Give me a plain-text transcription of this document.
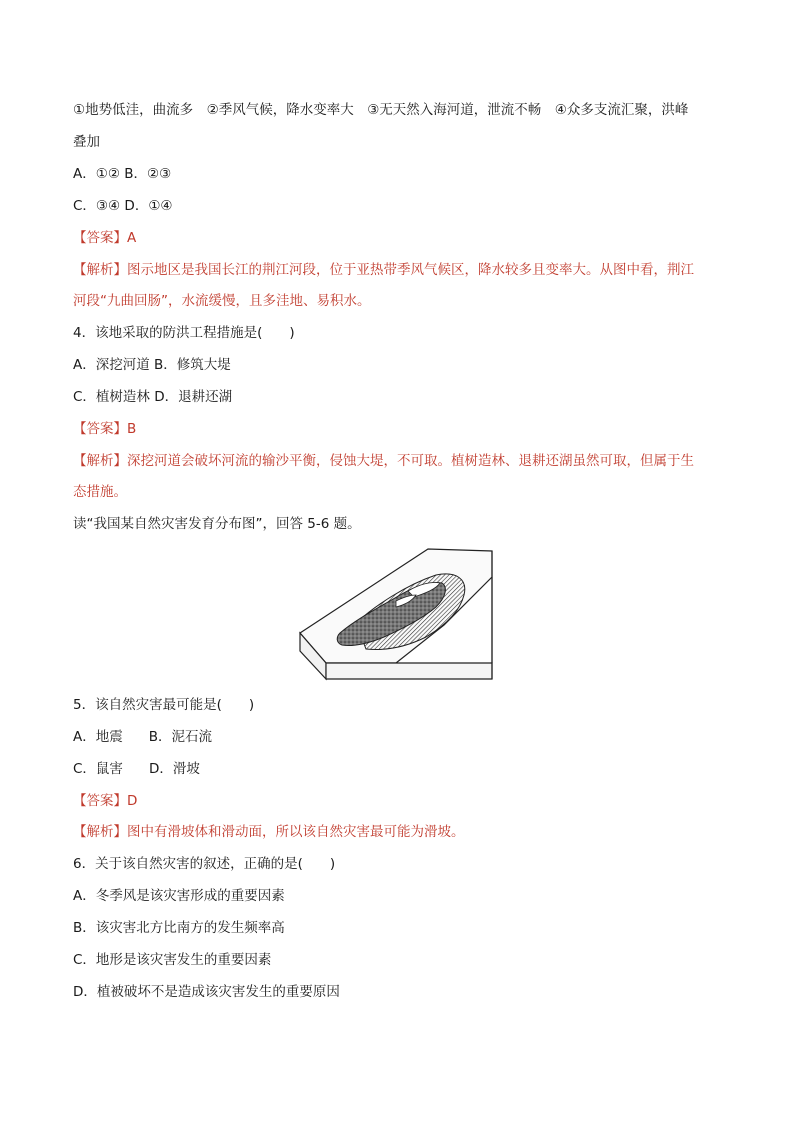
①地势低洼，曲流多　②季风气候，降水变率大　③无天然入海河道，泄流不畅　④众多支流汇聚，洪峰
叠加
A．①② B．②③
C．③④ D．①④
【答案】A
【解析】图示地区是我国长江的荆江河段，位于亚热带季风气候区，降水较多且变率大。从图中看，荆江
河段“九曲回肠”，水流缓慢，且多洼地、易积水。
4．该地采取的防洪工程措施是(　　)
A．深挖河道 B．修筑大堤
C．植树造林 D．退耕还湖
【答案】B
【解析】深挖河道会破坏河流的输沙平衡，侵蚀大堤，不可取。植树造林、退耕还湖虽然可取，但属于生
态措施。
读“我国某自然灾害发育分布图”，回答 5-6 题。
5．该自然灾害最可能是(　　)
A．地震 B．泥石流
C．鼠害 D．滑坡
【答案】D
【解析】图中有滑坡体和滑动面，所以该自然灾害最可能为滑坡。
6．关于该自然灾害的叙述，正确的是(　　)
A．冬季风是该灾害形成的重要因素
B．该灾害北方比南方的发生频率高
C．地形是该灾害发生的重要因素
D．植被破坏不是造成该灾害发生的重要原因
